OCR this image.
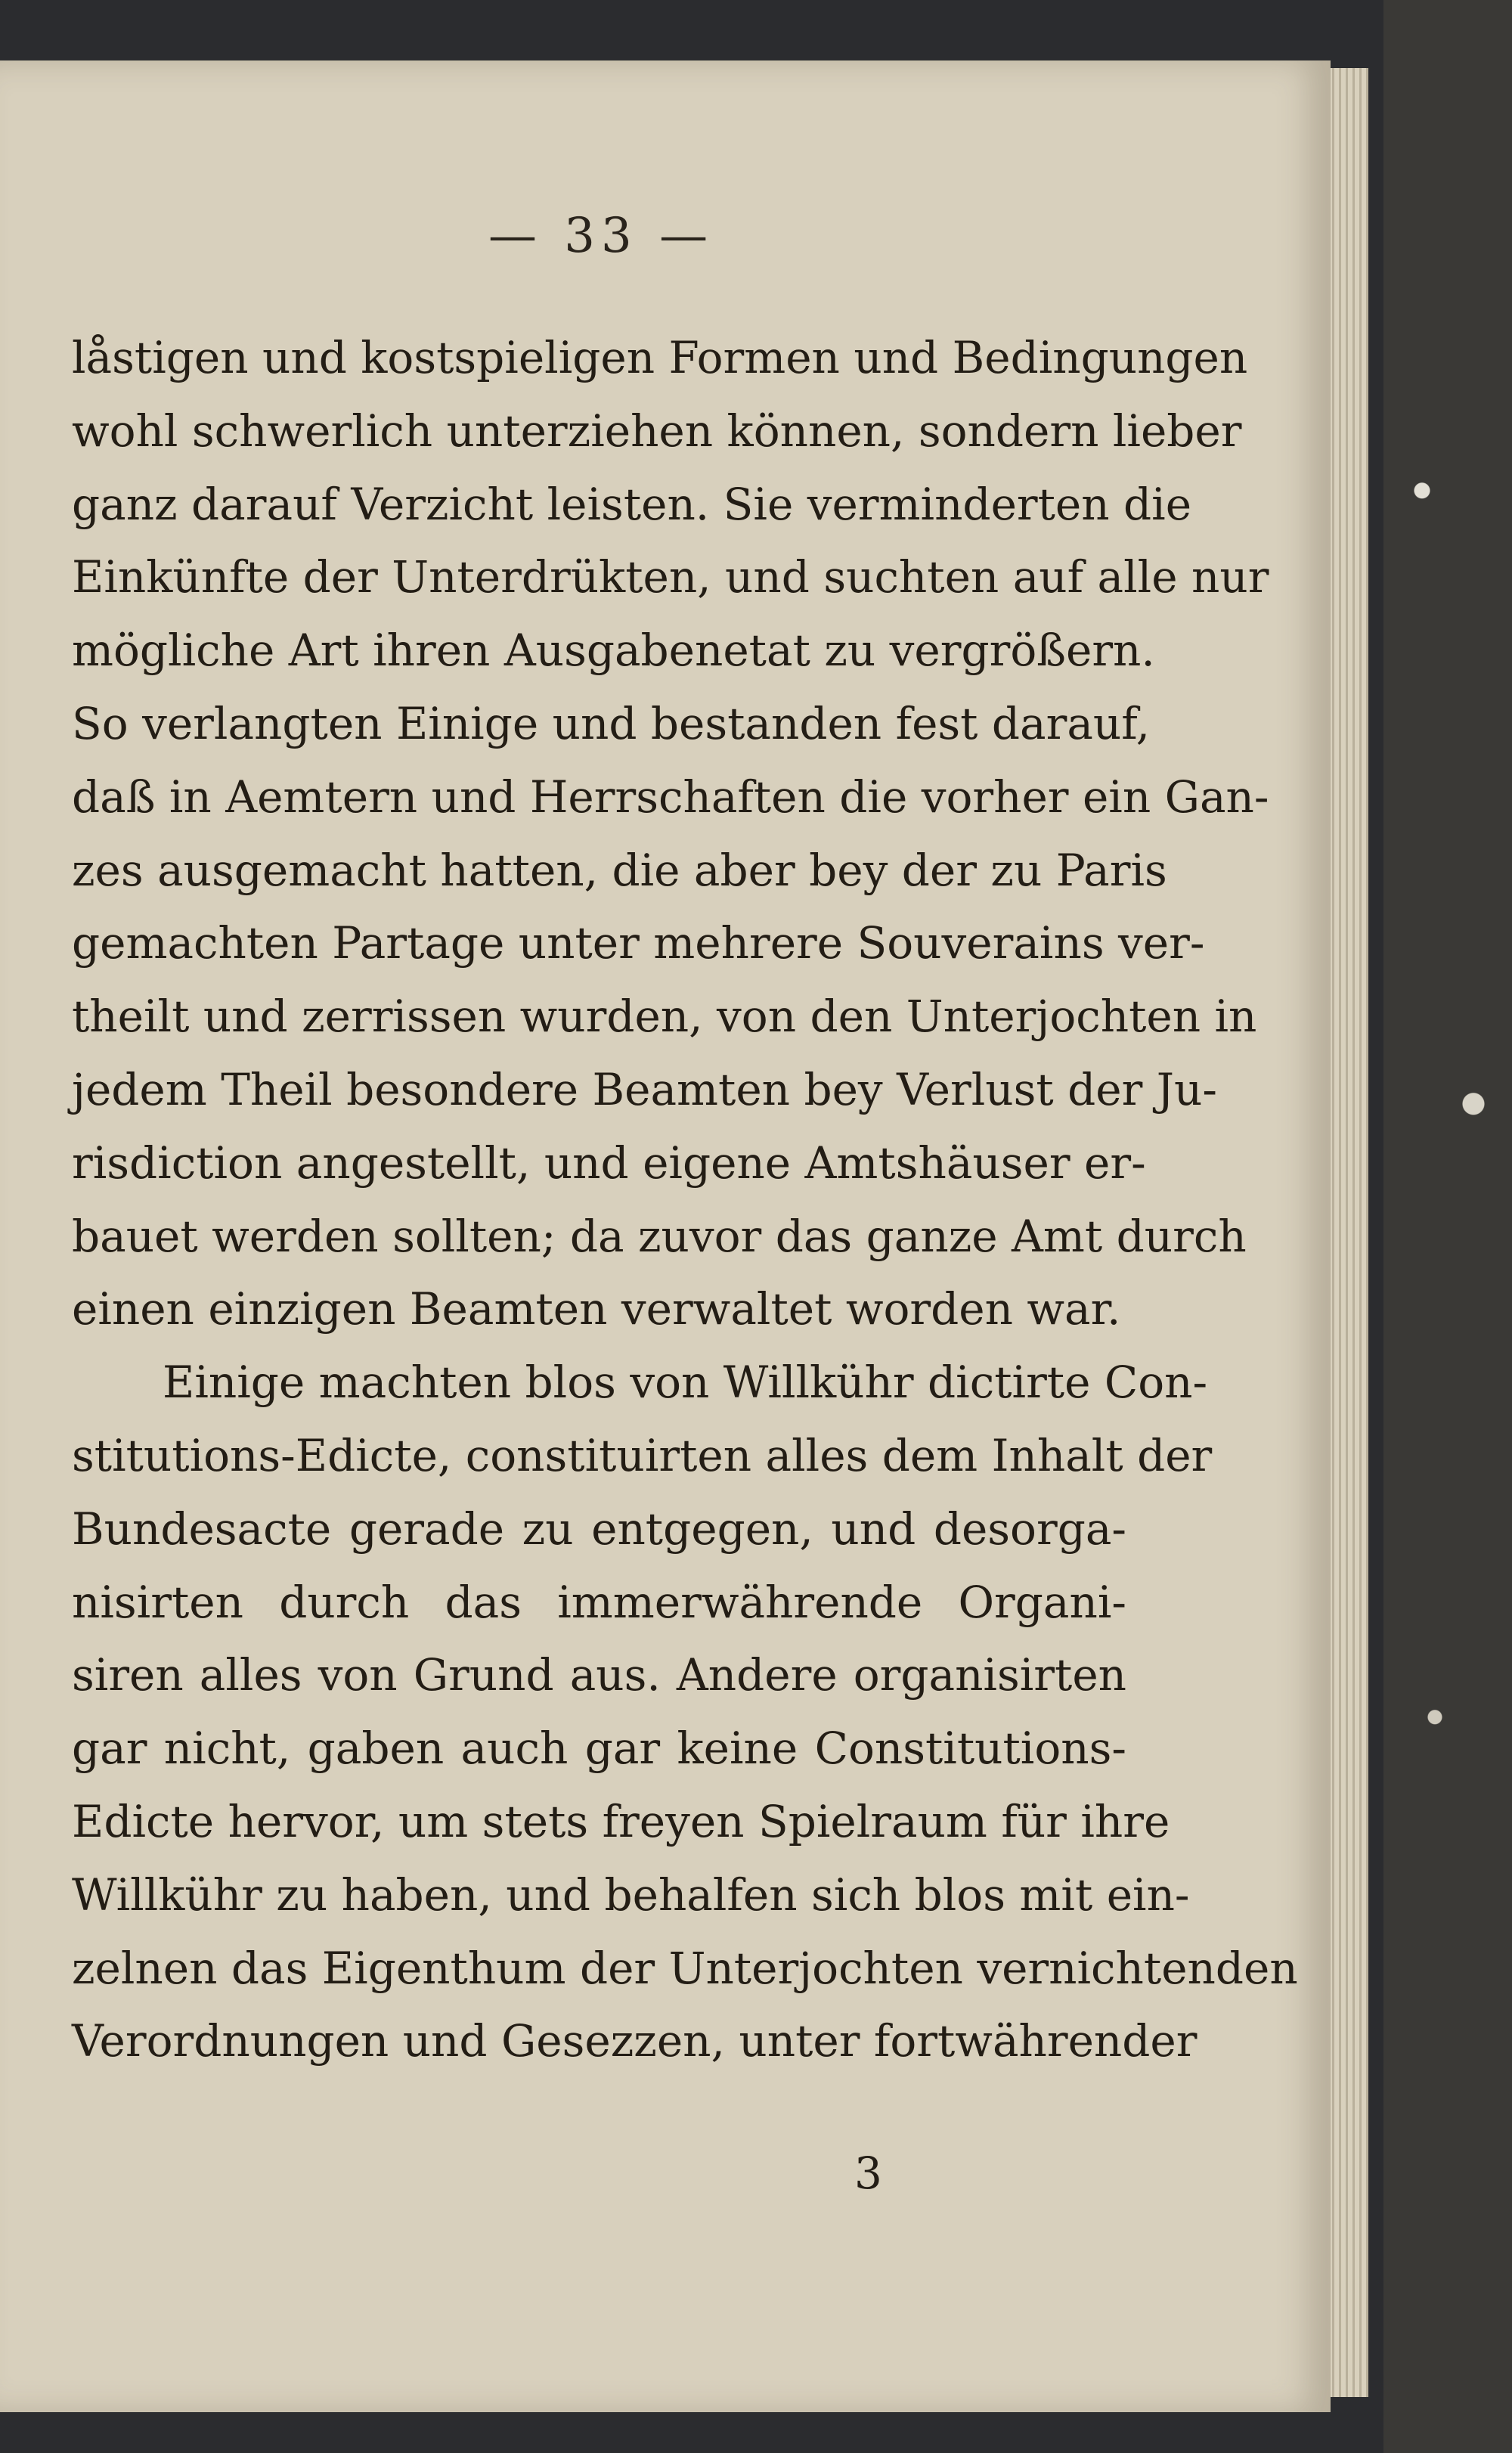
— 33 —
låstigen und kostspieligen Formen und Bedingungen
wohl schwerlich unterziehen können, sondern lieber
ganz darauf Verzicht leisten. Sie verminderten die
Einkünfte der Unterdrükten, und suchten auf alle nur
mögliche Art ihren Ausgabenetat zu vergrößern.
So verlangten Einige und bestanden fest darauf,
daß in Aemtern und Herrschaften die vorher ein Gan-
zes ausgemacht hatten, die aber bey der zu Paris
gemachten Partage unter mehrere Souverains ver-
theilt und zerrissen wurden, von den Unterjochten in
jedem Theil besondere Beamten bey Verlust der Ju-
risdiction angestellt, und eigene Amtshäuser er-
bauet werden sollten; da zuvor das ganze Amt durch
einen einzigen Beamten verwaltet worden war.
Einige machten blos von Willkühr dictirte Con-
stitutions-Edicte, constituirten alles dem Inhalt der
Bundesacte gerade zu entgegen, und desorga-
nisirten durch das immerwährende Organi-
siren alles von Grund aus. Andere organisirten
gar nicht, gaben auch gar keine Constitutions-
Edicte hervor, um stets freyen Spielraum für ihre
Willkühr zu haben, und behalfen sich blos mit ein-
zelnen das Eigenthum der Unterjochten vernichtenden
Verordnungen und Gesezzen, unter fortwährender
3
